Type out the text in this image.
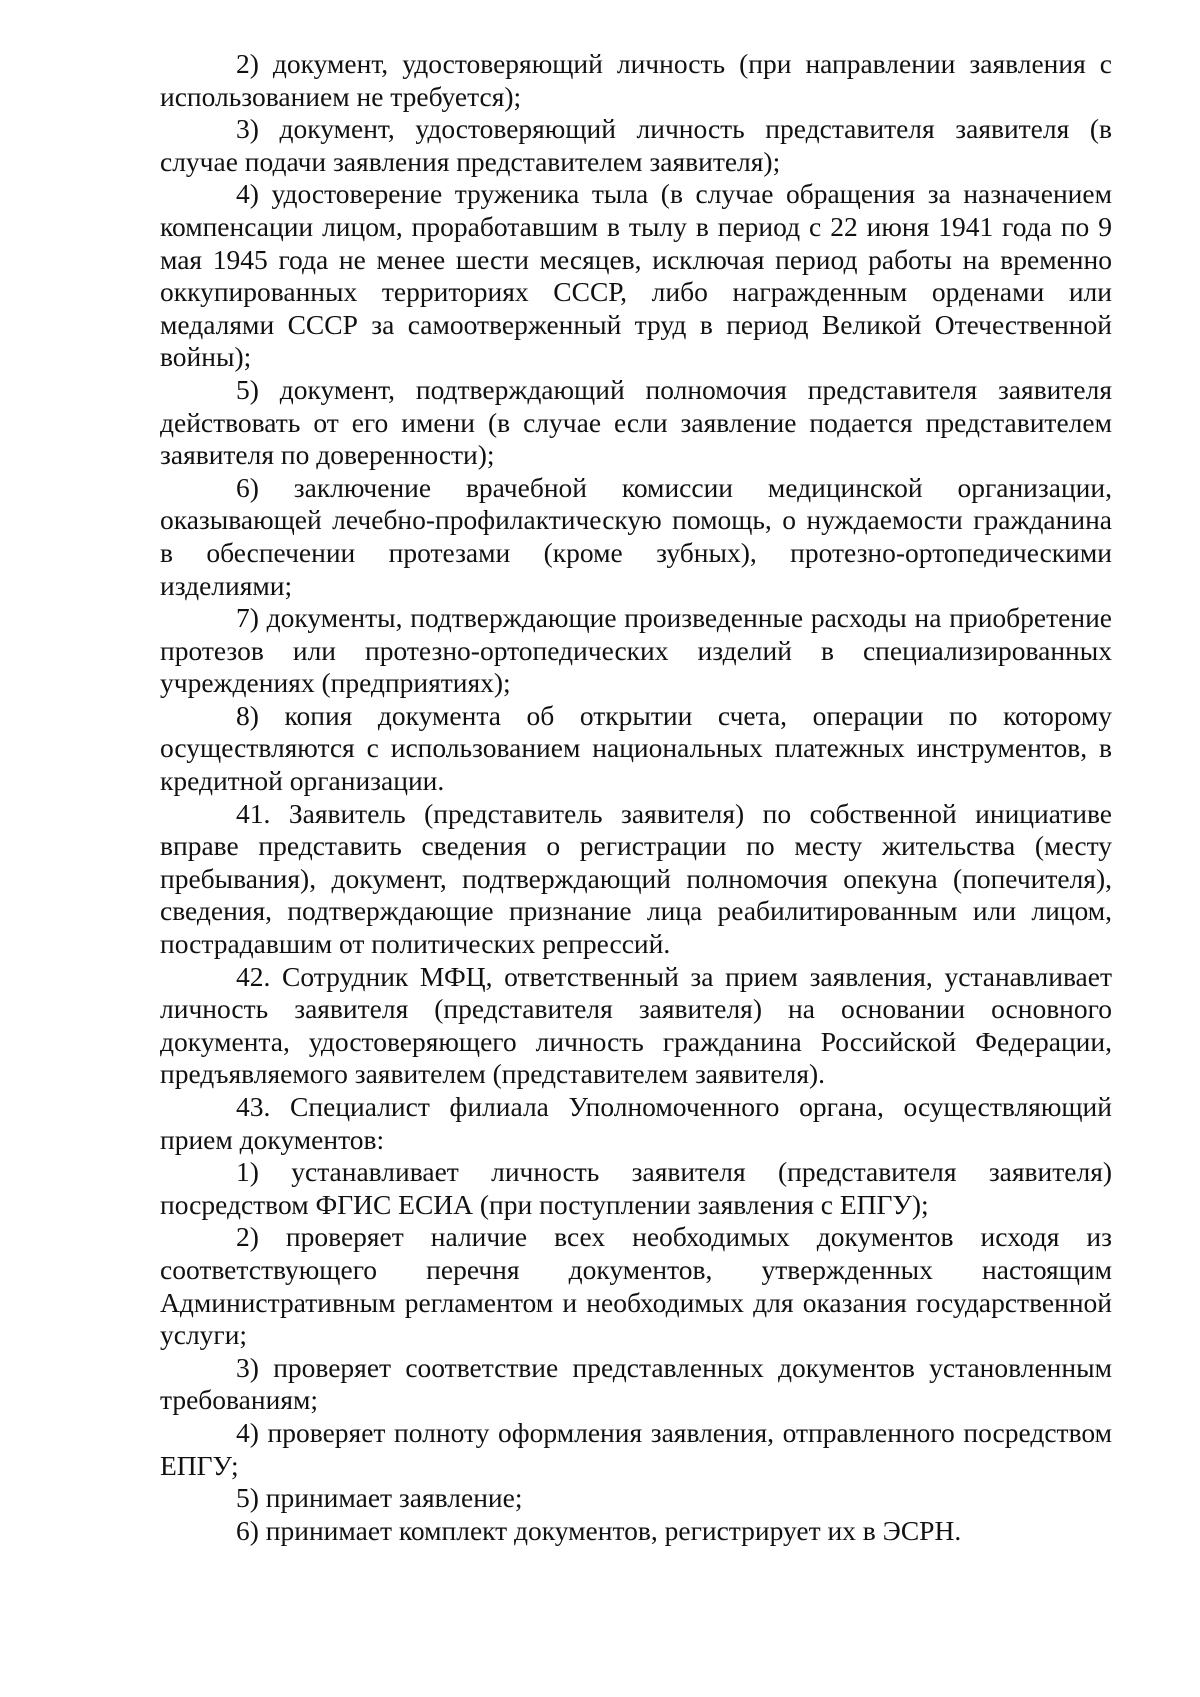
2) документ, удостоверяющий личность (при направлении заявления с использованием не требуется);

3) документ, удостоверяющий личность представителя заявителя (в случае подачи заявления представителем заявителя);

4) удостоверение труженика тыла (в случае обращения за назначением компенсации лицом, проработавшим в тылу в период с 22 июня 1941 года по 9 мая 1945 года не менее шести месяцев, исключая период работы на временно оккупированных территориях СССР, либо награжденным орденами или медалями СССР за самоотверженный труд в период Великой Отечественной войны);

5) документ, подтверждающий полномочия представителя заявителя действовать от его имени (в случае если заявление подается представителем заявителя по доверенности);

6) заключение врачебной комиссии медицинской организации, оказывающей лечебно-профилактическую помощь, о нуждаемости гражданина в обеспечении протезами (кроме зубных), протезно-ортопедическими изделиями;

7) документы, подтверждающие произведенные расходы на приобретение протезов или протезно-ортопедических изделий в специализированных учреждениях (предприятиях);

8) копия документа об открытии счета, операции по которому осуществляются с использованием национальных платежных инструментов, в кредитной организации.

41. Заявитель (представитель заявителя) по собственной инициативе вправе представить сведения о регистрации по месту жительства (месту пребывания), документ, подтверждающий полномочия опекуна (попечителя), сведения, подтверждающие признание лица реабилитированным или лицом, пострадавшим от политических репрессий.

42. Сотрудник МФЦ, ответственный за прием заявления, устанавливает личность заявителя (представителя заявителя) на основании основного документа, удостоверяющего личность гражданина Российской Федерации, предъявляемого заявителем (представителем заявителя).

43. Специалист филиала Уполномоченного органа, осуществляющий прием документов:

1) устанавливает личность заявителя (представителя заявителя) посредством ФГИС ЕСИА (при поступлении заявления с ЕПГУ);

2) проверяет наличие всех необходимых документов исходя из соответствующего перечня документов, утвержденных настоящим Административным регламентом и необходимых для оказания государственной услуги;

3) проверяет соответствие представленных документов установленным требованиям;

4) проверяет полноту оформления заявления, отправленного посредством ЕПГУ;

5) принимает заявление;

6) принимает комплект документов, регистрирует их в ЭСРН.
